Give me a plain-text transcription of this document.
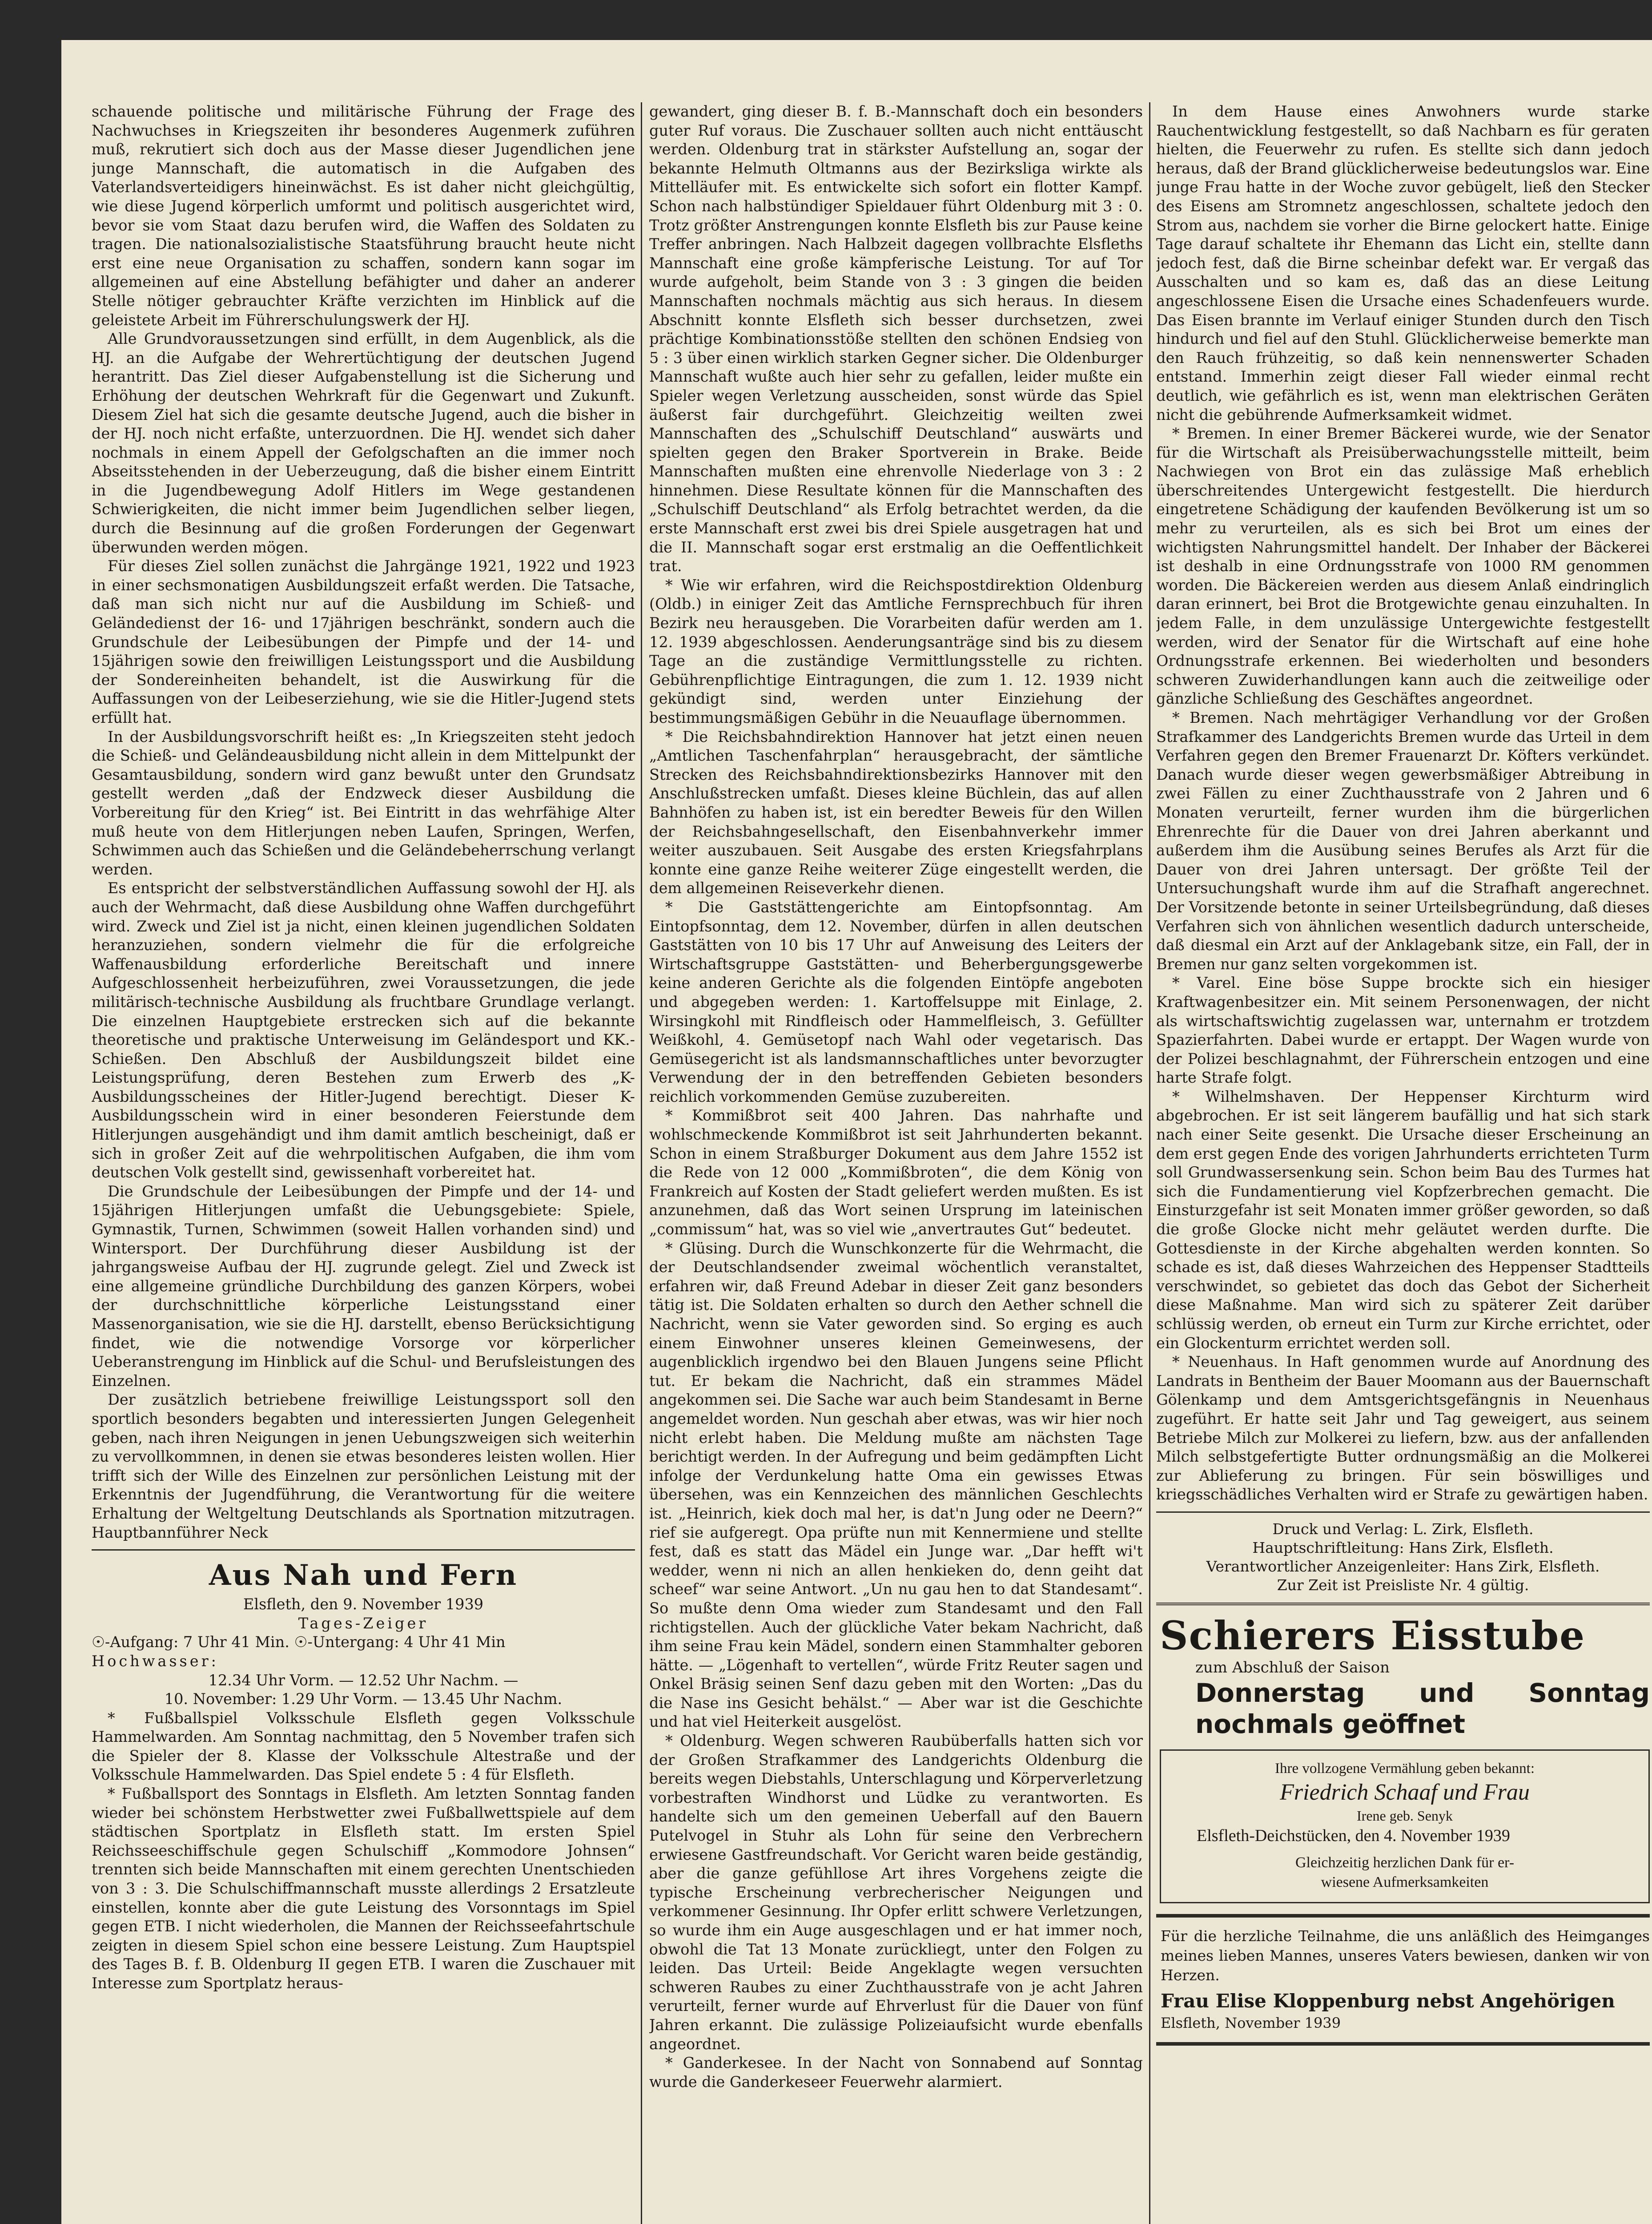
schauende politische und militärische Führung der Frage des Nachwuchses in Kriegszeiten ihr besonderes Augenmerk zuführen muß, rekrutiert sich doch aus der Masse dieser Jugendlichen jene junge Mannschaft, die automatisch in die Aufgaben des Vaterlandsverteidigers hineinwächst. Es ist daher nicht gleichgültig, wie diese Jugend körperlich umformt und politisch ausgerichtet wird, bevor sie vom Staat dazu berufen wird, die Waffen des Soldaten zu tragen. Die nationalsozialistische Staatsführung braucht heute nicht erst eine neue Organisation zu schaffen, sondern kann sogar im allgemeinen auf eine Abstellung befähigter und daher an anderer Stelle nötiger gebrauchter Kräfte verzichten im Hinblick auf die geleistete Arbeit im Führerschulungswerk der HJ.

Alle Grundvoraussetzungen sind erfüllt, in dem Augenblick, als die HJ. an die Aufgabe der Wehrertüchtigung der deutschen Jugend herantritt. Das Ziel dieser Aufgabenstellung ist die Sicherung und Erhöhung der deutschen Wehrkraft für die Gegenwart und Zukunft. Diesem Ziel hat sich die gesamte deutsche Jugend, auch die bisher in der HJ. noch nicht erfaßte, unterzuordnen. Die HJ. wendet sich daher nochmals in einem Appell der Gefolgschaften an die immer noch Abseitsstehenden in der Ueberzeugung, daß die bisher einem Eintritt in die Jugendbewegung Adolf Hitlers im Wege gestandenen Schwierigkeiten, die nicht immer beim Jugendlichen selber liegen, durch die Besinnung auf die großen Forderungen der Gegenwart überwunden werden mögen.

Für dieses Ziel sollen zunächst die Jahrgänge 1921, 1922 und 1923 in einer sechsmonatigen Ausbildungszeit erfaßt werden. Die Tatsache, daß man sich nicht nur auf die Ausbildung im Schieß- und Geländedienst der 16- und 17jährigen beschränkt, sondern auch die Grundschule der Leibesübungen der Pimpfe und der 14- und 15jährigen sowie den freiwilligen Leistungssport und die Ausbildung der Sondereinheiten behandelt, ist die Auswirkung für die Auffassungen von der Leibeserziehung, wie sie die Hitler-Jugend stets erfüllt hat.

In der Ausbildungsvorschrift heißt es: „In Kriegszeiten steht jedoch die Schieß- und Geländeausbildung nicht allein in dem Mittelpunkt der Gesamtausbildung, sondern wird ganz bewußt unter den Grundsatz gestellt werden „daß der Endzweck dieser Ausbildung die Vorbereitung für den Krieg“ ist. Bei Eintritt in das wehrfähige Alter muß heute von dem Hitlerjungen neben Laufen, Springen, Werfen, Schwimmen auch das Schießen und die Geländebeherrschung verlangt werden.

Es entspricht der selbstverständlichen Auffassung sowohl der HJ. als auch der Wehrmacht, daß diese Ausbildung ohne Waffen durchgeführt wird. Zweck und Ziel ist ja nicht, einen kleinen jugendlichen Soldaten heranzuziehen, sondern vielmehr die für die erfolgreiche Waffenausbildung erforderliche Bereitschaft und innere Aufgeschlossenheit herbeizuführen, zwei Voraussetzungen, die jede militärisch-technische Ausbildung als fruchtbare Grundlage verlangt. Die einzelnen Hauptgebiete erstrecken sich auf die bekannte theoretische und praktische Unterweisung im Geländesport und KK.-Schießen. Den Abschluß der Ausbildungszeit bildet eine Leistungsprüfung, deren Bestehen zum Erwerb des „K-Ausbildungsscheines der Hitler-Jugend berechtigt. Dieser K-Ausbildungsschein wird in einer besonderen Feierstunde dem Hitlerjungen ausgehändigt und ihm damit amtlich bescheinigt, daß er sich in großer Zeit auf die wehrpolitischen Aufgaben, die ihm vom deutschen Volk gestellt sind, gewissenhaft vorbereitet hat.

Die Grundschule der Leibesübungen der Pimpfe und der 14- und 15jährigen Hitlerjungen umfaßt die Uebungsgebiete: Spiele, Gymnastik, Turnen, Schwimmen (soweit Hallen vorhanden sind) und Wintersport. Der Durchführung dieser Ausbildung ist der jahrgangsweise Aufbau der HJ. zugrunde gelegt. Ziel und Zweck ist eine allgemeine gründliche Durchbildung des ganzen Körpers, wobei der durchschnittliche körperliche Leistungsstand einer Massenorganisation, wie sie die HJ. darstellt, ebenso Berücksichtigung findet, wie die notwendige Vorsorge vor körperlicher Ueberanstrengung im Hinblick auf die Schul- und Berufsleistungen des Einzelnen.

Der zusätzlich betriebene freiwillige Leistungssport soll den sportlich besonders begabten und interessierten Jungen Gelegenheit geben, nach ihren Neigungen in jenen Uebungszweigen sich weiterhin zu vervollkommnen, in denen sie etwas besonderes leisten wollen. Hier trifft sich der Wille des Einzelnen zur persönlichen Leistung mit der Erkenntnis der Jugendführung, die Verantwortung für die weitere Erhaltung der Weltgeltung Deutschlands als Sportnation mitzutragen. Hauptbannführer Neck

Aus Nah und Fern

Elsfleth, den 9. November 1939

Tages-Zeiger

☉-Aufgang: 7 Uhr 41 Min. ☉-Untergang: 4 Uhr 41 Min

Hochwasser:

12.34 Uhr Vorm. — 12.52 Uhr Nachm. —

10. November: 1.29 Uhr Vorm. — 13.45 Uhr Nachm.

* Fußballspiel Volksschule Elsfleth gegen Volksschule Hammelwarden. Am Sonntag nachmittag, den 5 November trafen sich die Spieler der 8. Klasse der Volksschule Altestraße und der Volksschule Hammelwarden. Das Spiel endete 5 : 4 für Elsfleth.

* Fußballsport des Sonntags in Elsfleth. Am letzten Sonntag fanden wieder bei schönstem Herbstwetter zwei Fußballwettspiele auf dem städtischen Sportplatz in Elsfleth statt. Im ersten Spiel Reichsseeschiffschule gegen Schulschiff „Kommodore Johnsen“ trennten sich beide Mannschaften mit einem gerechten Unentschieden von 3 : 3. Die Schulschiffmannschaft musste allerdings 2 Ersatzleute einstellen, konnte aber die gute Leistung des Vorsonntags im Spiel gegen ETB. I nicht wiederholen, die Mannen der Reichsseefahrtschule zeigten in diesem Spiel schon eine bessere Leistung. Zum Hauptspiel des Tages B. f. B. Oldenburg II gegen ETB. I waren die Zuschauer mit Interesse zum Sportplatz heraus-

gewandert, ging dieser B. f. B.-Mannschaft doch ein besonders guter Ruf voraus. Die Zuschauer sollten auch nicht enttäuscht werden. Oldenburg trat in stärkster Aufstellung an, sogar der bekannte Helmuth Oltmanns aus der Bezirksliga wirkte als Mittelläufer mit. Es entwickelte sich sofort ein flotter Kampf. Schon nach halbstündiger Spieldauer führt Oldenburg mit 3 : 0. Trotz größter Anstrengungen konnte Elsfleth bis zur Pause keine Treffer anbringen. Nach Halbzeit dagegen vollbrachte Elsfleths Mannschaft eine große kämpferische Leistung. Tor auf Tor wurde aufgeholt, beim Stande von 3 : 3 gingen die beiden Mannschaften nochmals mächtig aus sich heraus. In diesem Abschnitt konnte Elsfleth sich besser durchsetzen, zwei prächtige Kombinationsstöße stellten den schönen Endsieg von 5 : 3 über einen wirklich starken Gegner sicher. Die Oldenburger Mannschaft wußte auch hier sehr zu gefallen, leider mußte ein Spieler wegen Verletzung ausscheiden, sonst würde das Spiel äußerst fair durchgeführt. Gleichzeitig weilten zwei Mannschaften des „Schulschiff Deutschland“ auswärts und spielten gegen den Braker Sportverein in Brake. Beide Mannschaften mußten eine ehrenvolle Niederlage von 3 : 2 hinnehmen. Diese Resultate können für die Mannschaften des „Schulschiff Deutschland“ als Erfolg betrachtet werden, da die erste Mannschaft erst zwei bis drei Spiele ausgetragen hat und die II. Mannschaft sogar erst erstmalig an die Oeffentlichkeit trat.

* Wie wir erfahren, wird die Reichspostdirektion Oldenburg (Oldb.) in einiger Zeit das Amtliche Fernsprechbuch für ihren Bezirk neu herausgeben. Die Vorarbeiten dafür werden am 1. 12. 1939 abgeschlossen. Aenderungsanträge sind bis zu diesem Tage an die zuständige Vermittlungsstelle zu richten. Gebührenpflichtige Eintragungen, die zum 1. 12. 1939 nicht gekündigt sind, werden unter Einziehung der bestimmungsmäßigen Gebühr in die Neuauflage übernommen.

* Die Reichsbahndirektion Hannover hat jetzt einen neuen „Amtlichen Taschenfahrplan“ herausgebracht, der sämtliche Strecken des Reichsbahndirektionsbezirks Hannover mit den Anschlußstrecken umfaßt. Dieses kleine Büchlein, das auf allen Bahnhöfen zu haben ist, ist ein beredter Beweis für den Willen der Reichsbahngesellschaft, den Eisenbahnverkehr immer weiter auszubauen. Seit Ausgabe des ersten Kriegsfahrplans konnte eine ganze Reihe weiterer Züge eingestellt werden, die dem allgemeinen Reiseverkehr dienen.

* Die Gaststättengerichte am Eintopfsonntag. Am Eintopfsonntag, dem 12. November, dürfen in allen deutschen Gaststätten von 10 bis 17 Uhr auf Anweisung des Leiters der Wirtschaftsgruppe Gaststätten- und Beherbergungsgewerbe keine anderen Gerichte als die folgenden Eintöpfe angeboten und abgegeben werden: 1. Kartoffelsuppe mit Einlage, 2. Wirsingkohl mit Rindfleisch oder Hammelfleisch, 3. Gefüllter Weißkohl, 4. Gemüsetopf nach Wahl oder vegetarisch. Das Gemüsegericht ist als landsmannschaftliches unter bevorzugter Verwendung der in den betreffenden Gebieten besonders reichlich vorkommenden Gemüse zuzubereiten.

* Kommißbrot seit 400 Jahren. Das nahrhafte und wohlschmeckende Kommißbrot ist seit Jahrhunderten bekannt. Schon in einem Straßburger Dokument aus dem Jahre 1552 ist die Rede von 12 000 „Kommißbroten“, die dem König von Frankreich auf Kosten der Stadt geliefert werden mußten. Es ist anzunehmen, daß das Wort seinen Ursprung im lateinischen „commissum“ hat, was so viel wie „anvertrautes Gut“ bedeutet.

* Glüsing. Durch die Wunschkonzerte für die Wehrmacht, die der Deutschlandsender zweimal wöchentlich veranstaltet, erfahren wir, daß Freund Adebar in dieser Zeit ganz besonders tätig ist. Die Soldaten erhalten so durch den Aether schnell die Nachricht, wenn sie Vater geworden sind. So erging es auch einem Einwohner unseres kleinen Gemeinwesens, der augenblicklich irgendwo bei den Blauen Jungens seine Pflicht tut. Er bekam die Nachricht, daß ein strammes Mädel angekommen sei. Die Sache war auch beim Standesamt in Berne angemeldet worden. Nun geschah aber etwas, was wir hier noch nicht erlebt haben. Die Meldung mußte am nächsten Tage berichtigt werden. In der Aufregung und beim gedämpften Licht infolge der Verdunkelung hatte Oma ein gewisses Etwas übersehen, was ein Kennzeichen des männlichen Geschlechts ist. „Heinrich, kiek doch mal her, is dat'n Jung oder ne Deern?“ rief sie aufgeregt. Opa prüfte nun mit Kennermiene und stellte fest, daß es statt das Mädel ein Junge war. „Dar hefft wi't wedder, wenn ni nich an allen henkieken do, denn geiht dat scheef“ war seine Antwort. „Un nu gau hen to dat Standesamt“. So mußte denn Oma wieder zum Standesamt und den Fall richtigstellen. Auch der glückliche Vater bekam Nachricht, daß ihm seine Frau kein Mädel, sondern einen Stammhalter geboren hätte. — „Lögenhaft to vertellen“, würde Fritz Reuter sagen und Onkel Bräsig seinen Senf dazu geben mit den Worten: „Das du die Nase ins Gesicht behälst.“ — Aber war ist die Geschichte und hat viel Heiterkeit ausgelöst.

* Oldenburg. Wegen schweren Raubüberfalls hatten sich vor der Großen Strafkammer des Landgerichts Oldenburg die bereits wegen Diebstahls, Unterschlagung und Körperverletzung vorbestraften Windhorst und Lüdke zu verantworten. Es handelte sich um den gemeinen Ueberfall auf den Bauern Putelvogel in Stuhr als Lohn für seine den Verbrechern erwiesene Gastfreundschaft. Vor Gericht waren beide geständig, aber die ganze gefühllose Art ihres Vorgehens zeigte die typische Erscheinung verbrecherischer Neigungen und verkommener Gesinnung. Ihr Opfer erlitt schwere Verletzungen, so wurde ihm ein Auge ausgeschlagen und er hat immer noch, obwohl die Tat 13 Monate zurückliegt, unter den Folgen zu leiden. Das Urteil: Beide Angeklagte wegen versuchten schweren Raubes zu einer Zuchthausstrafe von je acht Jahren verurteilt, ferner wurde auf Ehrverlust für die Dauer von fünf Jahren erkannt. Die zulässige Polizeiaufsicht wurde ebenfalls angeordnet.

* Ganderkesee. In der Nacht von Sonnabend auf Sonntag wurde die Ganderkeseer Feuerwehr alarmiert.

In dem Hause eines Anwohners wurde starke Rauchentwicklung festgestellt, so daß Nachbarn es für geraten hielten, die Feuerwehr zu rufen. Es stellte sich dann jedoch heraus, daß der Brand glücklicherweise bedeutungslos war. Eine junge Frau hatte in der Woche zuvor gebügelt, ließ den Stecker des Eisens am Stromnetz angeschlossen, schaltete jedoch den Strom aus, nachdem sie vorher die Birne gelockert hatte. Einige Tage darauf schaltete ihr Ehemann das Licht ein, stellte dann jedoch fest, daß die Birne scheinbar defekt war. Er vergaß das Ausschalten und so kam es, daß das an diese Leitung angeschlossene Eisen die Ursache eines Schadenfeuers wurde. Das Eisen brannte im Verlauf einiger Stunden durch den Tisch hindurch und fiel auf den Stuhl. Glücklicherweise bemerkte man den Rauch frühzeitig, so daß kein nennenswerter Schaden entstand. Immerhin zeigt dieser Fall wieder einmal recht deutlich, wie gefährlich es ist, wenn man elektrischen Geräten nicht die gebührende Aufmerksamkeit widmet.

* Bremen. In einer Bremer Bäckerei wurde, wie der Senator für die Wirtschaft als Preisüberwachungsstelle mitteilt, beim Nachwiegen von Brot ein das zulässige Maß erheblich überschreitendes Untergewicht festgestellt. Die hierdurch eingetretene Schädigung der kaufenden Bevölkerung ist um so mehr zu verurteilen, als es sich bei Brot um eines der wichtigsten Nahrungsmittel handelt. Der Inhaber der Bäckerei ist deshalb in eine Ordnungsstrafe von 1000 RM genommen worden. Die Bäckereien werden aus diesem Anlaß eindringlich daran erinnert, bei Brot die Brotgewichte genau einzuhalten. In jedem Falle, in dem unzulässige Untergewichte festgestellt werden, wird der Senator für die Wirtschaft auf eine hohe Ordnungsstrafe erkennen. Bei wiederholten und besonders schweren Zuwiderhandlungen kann auch die zeitweilige oder gänzliche Schließung des Geschäftes angeordnet.

* Bremen. Nach mehrtägiger Verhandlung vor der Großen Strafkammer des Landgerichts Bremen wurde das Urteil in dem Verfahren gegen den Bremer Frauenarzt Dr. Köfters verkündet. Danach wurde dieser wegen gewerbsmäßiger Abtreibung in zwei Fällen zu einer Zuchthausstrafe von 2 Jahren und 6 Monaten verurteilt, ferner wurden ihm die bürgerlichen Ehrenrechte für die Dauer von drei Jahren aberkannt und außerdem ihm die Ausübung seines Berufes als Arzt für die Dauer von drei Jahren untersagt. Der größte Teil der Untersuchungshaft wurde ihm auf die Strafhaft angerechnet. Der Vorsitzende betonte in seiner Urteilsbegründung, daß dieses Verfahren sich von ähnlichen wesentlich dadurch unterscheide, daß diesmal ein Arzt auf der Anklagebank sitze, ein Fall, der in Bremen nur ganz selten vorgekommen ist.

* Varel. Eine böse Suppe brockte sich ein hiesiger Kraftwagenbesitzer ein. Mit seinem Personenwagen, der nicht als wirtschaftswichtig zugelassen war, unternahm er trotzdem Spazierfahrten. Dabei wurde er ertappt. Der Wagen wurde von der Polizei beschlagnahmt, der Führerschein entzogen und eine harte Strafe folgt.

* Wilhelmshaven. Der Heppenser Kirchturm wird abgebrochen. Er ist seit längerem baufällig und hat sich stark nach einer Seite gesenkt. Die Ursache dieser Erscheinung an dem erst gegen Ende des vorigen Jahrhunderts errichteten Turm soll Grundwassersenkung sein. Schon beim Bau des Turmes hat sich die Fundamentierung viel Kopfzerbrechen gemacht. Die Einsturzgefahr ist seit Monaten immer größer geworden, so daß die große Glocke nicht mehr geläutet werden durfte. Die Gottesdienste in der Kirche abgehalten werden konnten. So schade es ist, daß dieses Wahrzeichen des Heppenser Stadtteils verschwindet, so gebietet das doch das Gebot der Sicherheit diese Maßnahme. Man wird sich zu späterer Zeit darüber schlüssig werden, ob erneut ein Turm zur Kirche errichtet, oder ein Glockenturm errichtet werden soll.

* Neuenhaus. In Haft genommen wurde auf Anordnung des Landrats in Bentheim der Bauer Moomann aus der Bauernschaft Gölenkamp und dem Amtsgerichtsgefängnis in Neuenhaus zugeführt. Er hatte seit Jahr und Tag geweigert, aus seinem Betriebe Milch zur Molkerei zu liefern, bzw. aus der anfallenden Milch selbstgefertigte Butter ordnungsmäßig an die Molkerei zur Ablieferung zu bringen. Für sein böswilliges und kriegsschädliches Verhalten wird er Strafe zu gewärtigen haben.

Druck und Verlag: L. Zirk, Elsfleth.
Hauptschriftleitung: Hans Zirk, Elsfleth.
Verantwortlicher Anzeigenleiter: Hans Zirk, Elsfleth.
Zur Zeit ist Preisliste Nr. 4 gültig.
Schierers Eisstube
zum Abschluß der Saison
Donnerstag und Sonntag nochmals geöffnet
Ihre vollzogene Vermählung geben bekannt:
Friedrich Schaaf und Frau
Irene geb. Senyk
Elsfleth-Deichstücken, den 4. November 1939
Gleichzeitig herzlichen Dank für er-
wiesene Aufmerksamkeiten
Für die herzliche Teilnahme, die uns anläßlich des Heimganges meines lieben Mannes, unseres Vaters bewiesen, danken wir von Herzen.
Frau Elise Kloppenburg nebst Angehörigen
Elsfleth, November 1939
